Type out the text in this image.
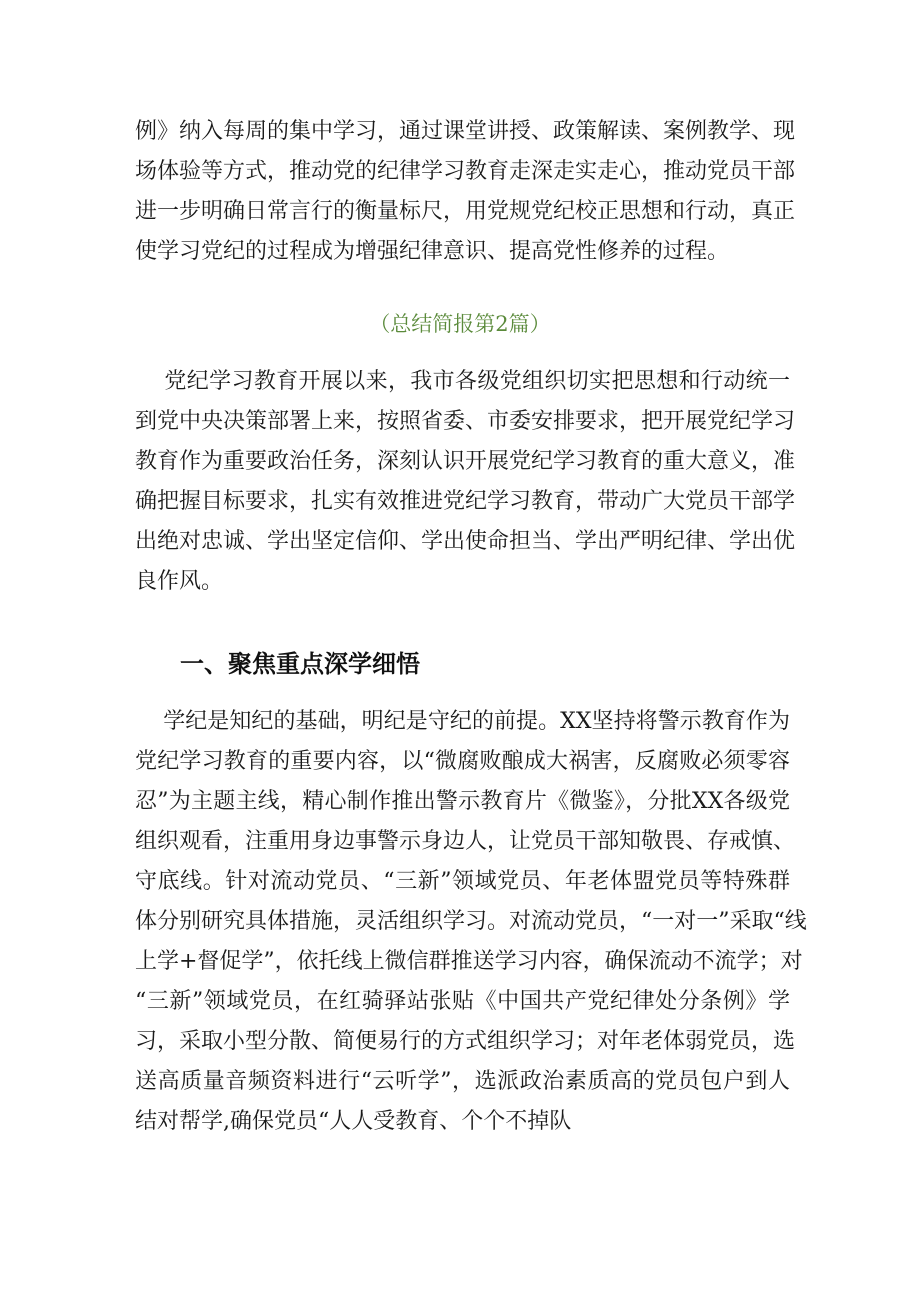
例》纳入每周的集中学习，通过课堂讲授、政策解读、案例教学、现
场体验等方式，推动党的纪律学习教育走深走实走心，推动党员干部
进一步明确日常言行的衡量标尺，用党规党纪校正思想和行动，真正
使学习党纪的过程成为增强纪律意识、提高党性修养的过程。
（总结简报第2篇）
党纪学习教育开展以来，我市各级党组织切实把思想和行动统一
到党中央决策部署上来，按照省委、市委安排要求，把开展党纪学习
教育作为重要政治任务，深刻认识开展党纪学习教育的重大意义，准
确把握目标要求，扎实有效推进党纪学习教育，带动广大党员干部学
出绝对忠诚、学出坚定信仰、学出使命担当、学出严明纪律、学出优
良作风。
一、聚焦重点深学细悟
学纪是知纪的基础，明纪是守纪的前提。XX坚持将警示教育作为
党纪学习教育的重要内容，以“微腐败酿成大祸害，反腐败必须零容
忍”为主题主线，精心制作推出警示教育片《微鉴》，分批XX各级党
组织观看，注重用身边事警示身边人，让党员干部知敬畏、存戒慎、
守底线。针对流动党员、“三新”领域党员、年老体盟党员等特殊群
体分别研究具体措施，灵活组织学习。对流动党员，“一对一”采取“线
上学+督促学”，依托线上微信群推送学习内容，确保流动不流学；对
“三新”领域党员，在红骑驿站张贴《中国共产党纪律处分条例》学
习，采取小型分散、简便易行的方式组织学习；对年老体弱党员，选
送高质量音频资料进行“云听学”，选派政治素质高的党员包户到人
结对帮学,确保党员“人人受教育、个个不掉队
